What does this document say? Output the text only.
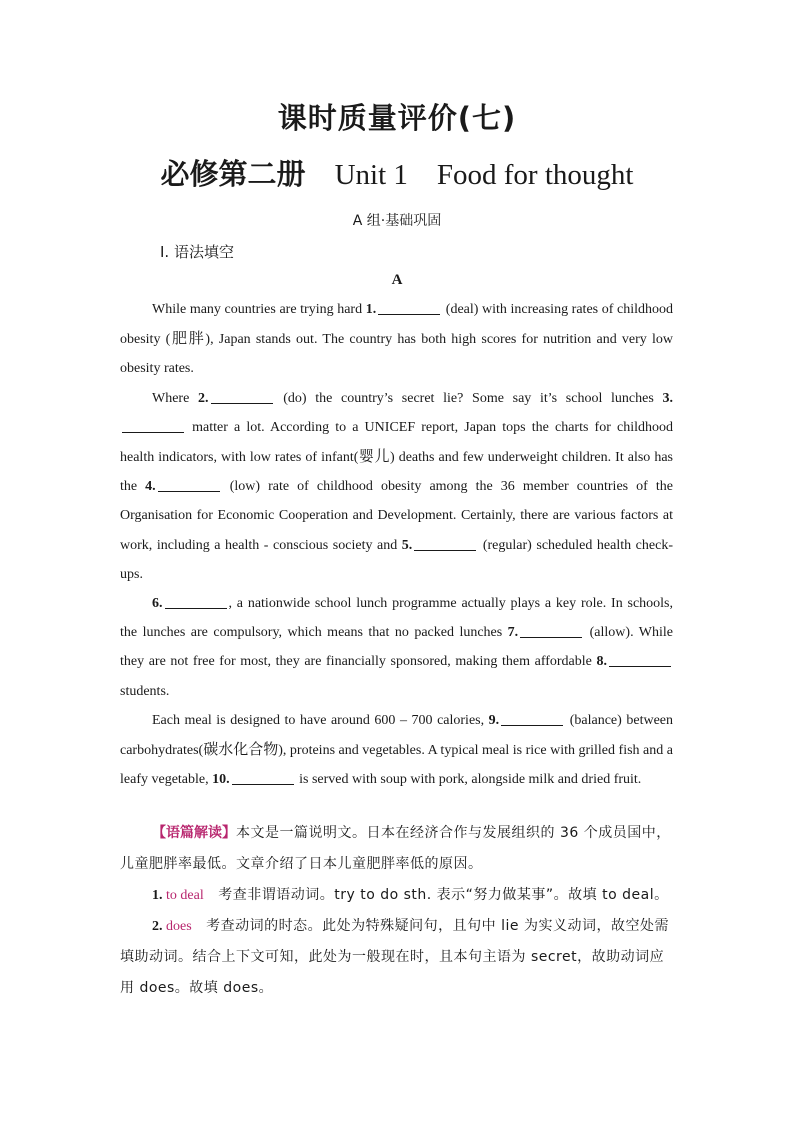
课时质量评价(七)
必修第二册 Unit 1 Food for thought
A 组·基础巩固
Ⅰ. 语法填空
A

While many countries are trying hard 1.	(deal) with increasing rates of childhood obesity (肥胖), Japan stands out. The country has both high scores for nutrition and very low obesity rates.

Where 2.	(do) the country’s secret lie? Some say it’s school lunches 3. matter a lot. According to a UNICEF report, Japan tops the charts for childhood health indicators, with low rates of infant(婴儿) deaths and few underweight children. It also has the 4.	(low) rate of childhood obesity among the 36 member countries of the Organisation for Economic Cooperation and Development. Certainly, there are various factors at work, including a health - conscious society and 5.	(regular) scheduled health check-ups.

6.	, a nationwide school lunch programme actually plays a key role. In schools, the lunches are compulsory, which means that no packed lunches 7.	(allow). While they are not free for most, they are financially sponsored, making them affordable 8. students.

Each meal is designed to have around 600 – 700 calories, 9.	(balance) between carbohydrates(碳水化合物), proteins and vegetables. A typical meal is rice with grilled fish and a leafy vegetable, 10.	is served with soup with pork, alongside milk and dried fruit.

【语篇解读】本文是一篇说明文。日本在经济合作与发展组织的 36 个成员国中，儿童肥胖率最低。文章介绍了日本儿童肥胖率低的原因。

1. to deal　考查非谓语动词。try to do sth. 表示“努力做某事”。故填 to deal。

2. does　考查动词的时态。此处为特殊疑问句，且句中 lie 为实义动词，故空处需填助动词。结合上下文可知，此处为一般现在时，且本句主语为 secret，故助动词应用 does。故填 does。
